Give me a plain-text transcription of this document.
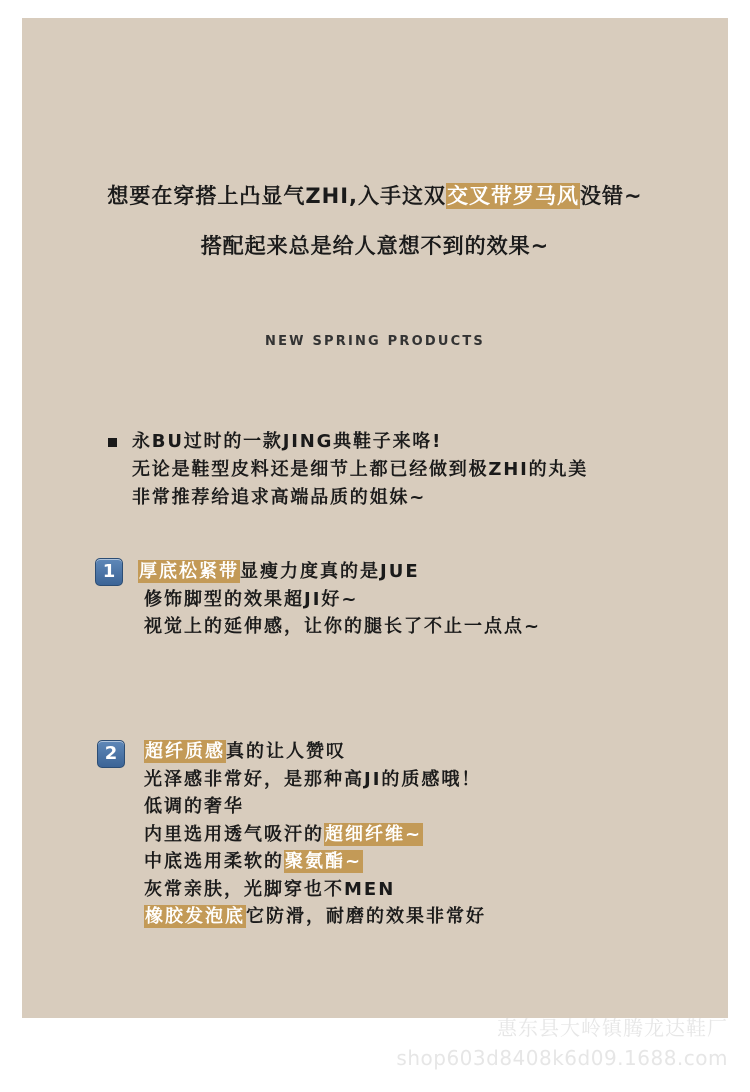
想要在穿搭上凸显气ZHI,入手这双交叉带罗马风没错~
搭配起来总是给人意想不到的效果~
NEW SPRING PRODUCTS
永BU过时的一款JING典鞋子来咯!
无论是鞋型皮料还是细节上都已经做到极ZHI的丸美
非常推荐给追求高端品质的姐妹~
1	厚底松紧带显瘦力度真的是JUE
修饰脚型的效果超JI好~
视觉上的延伸感，让你的腿长了不止一点点~
2	超纤质感真的让人赞叹
光泽感非常好，是那种高JI的质感哦！
低调的奢华
内里选用透气吸汗的超细纤维~
中底选用柔软的聚氨酯~
灰常亲肤，光脚穿也不MEN
橡胶发泡底它防滑，耐磨的效果非常好
惠东县大岭镇腾龙达鞋厂
shop603d8408k6d09.1688.com
